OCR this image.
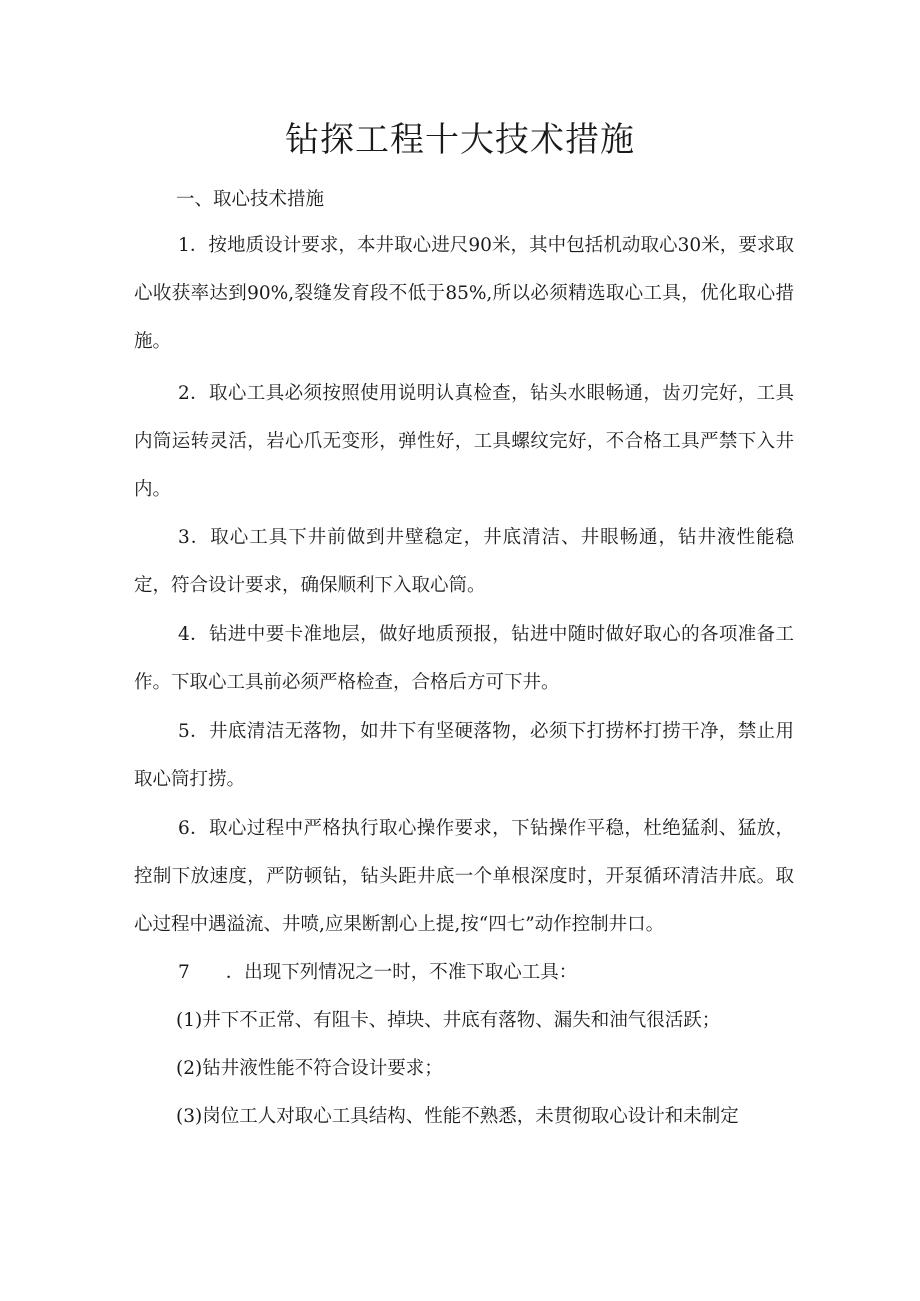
钻探工程十大技术措施

一、取心技术措施

1．按地质设计要求，本井取心进尺90米，其中包括机动取心30米，要求取心收获率达到90%,裂缝发育段不低于85%,所以必须精选取心工具，优化取心措施。

2．取心工具必须按照使用说明认真检查，钻头水眼畅通，齿刃完好，工具内筒运转灵活，岩心爪无变形，弹性好，工具螺纹完好，不合格工具严禁下入井内。

3．取心工具下井前做到井壁稳定，井底清洁、井眼畅通，钻井液性能稳定，符合设计要求，确保顺利下入取心筒。

4．钻进中要卡准地层，做好地质预报，钻进中随时做好取心的各项准备工作。下取心工具前必须严格检查，合格后方可下井。

5．井底清洁无落物，如井下有坚硬落物，必须下打捞杯打捞干净，禁止用取心筒打捞。

6．取心过程中严格执行取心操作要求，下钻操作平稳，杜绝猛刹、猛放，控制下放速度，严防顿钻，钻头距井底一个单根深度时，开泵循环清洁井底。取心过程中遇溢流、井喷,应果断割心上提,按“四七”动作控制井口。

7 ．出现下列情况之一时，不准下取心工具：

(1)井下不正常、有阻卡、掉块、井底有落物、漏失和油气很活跃；

(2)钻井液性能不符合设计要求；

(3)岗位工人对取心工具结构、性能不熟悉，未贯彻取心设计和未制定
